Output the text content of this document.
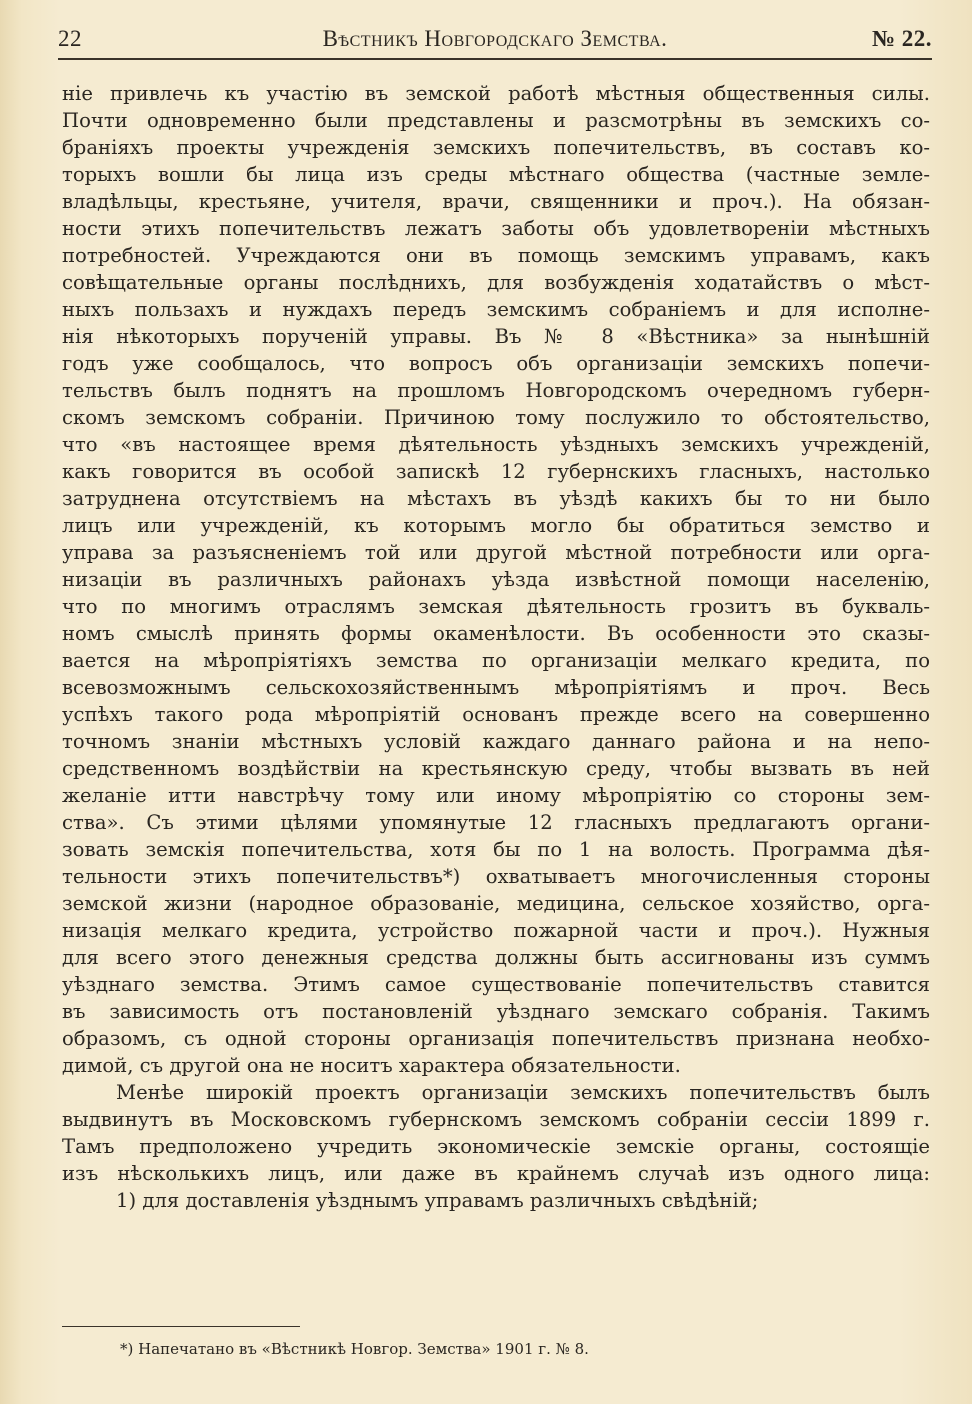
22	Вѣстникъ Новгородскаго Земства.	№ 22.
ніе привлечь къ участію въ земской работѣ мѣстныя общественныя силы.
Почти одновременно были представлены и разсмотрѣны въ земскихъ со-
браніяхъ проекты учрежденія земскихъ попечительствъ, въ составъ ко-
торыхъ вошли бы лица изъ среды мѣстнаго общества (частные земле-
владѣльцы, крестьяне, учителя, врачи, священники и проч.). На обязан-
ности этихъ попечительствъ лежатъ заботы объ удовлетвореніи мѣстныхъ
потребностей. Учреждаются они въ помощь земскимъ управамъ, какъ
совѣщательные органы послѣднихъ, для возбужденія ходатайствъ о мѣст-
ныхъ пользахъ и нуждахъ передъ земскимъ собраніемъ и для исполне-
нія нѣкоторыхъ порученій управы. Въ № 8 «Вѣстника» за нынѣшній
годъ уже сообщалось, что вопросъ объ организаціи земскихъ попечи-
тельствъ былъ поднятъ на прошломъ Новгородскомъ очередномъ губерн-
скомъ земскомъ собраніи. Причиною тому послужило то обстоятельство,
что «въ настоящее время дѣятельность уѣздныхъ земскихъ учрежденій,
какъ говорится въ особой запискѣ 12 губернскихъ гласныхъ, настолько
затруднена отсутствіемъ на мѣстахъ въ уѣздѣ какихъ бы то ни было
лицъ или учрежденій, къ которымъ могло бы обратиться земство и
управа за разъясненіемъ той или другой мѣстной потребности или орга-
низаціи въ различныхъ районахъ уѣзда извѣстной помощи населенію,
что по многимъ отраслямъ земская дѣятельность грозитъ въ букваль-
номъ смыслѣ принять формы окаменѣлости. Въ особенности это сказы-
вается на мѣропріятіяхъ земства по организаціи мелкаго кредита, по
всевозможнымъ сельскохозяйственнымъ мѣропріятіямъ и проч. Весь
успѣхъ такого рода мѣропріятій основанъ прежде всего на совершенно
точномъ знаніи мѣстныхъ условій каждаго даннаго района и на непо-
средственномъ воздѣйствіи на крестьянскую среду, чтобы вызвать въ ней
желаніе итти навстрѣчу тому или иному мѣропріятію со стороны зем-
ства». Съ этими цѣлями упомянутые 12 гласныхъ предлагаютъ органи-
зовать земскія попечительства, хотя бы по 1 на волость. Программа дѣя-
тельности этихъ попечительствъ*) охватываетъ многочисленныя стороны
земской жизни (народное образованіе, медицина, сельское хозяйство, орга-
низація мелкаго кредита, устройство пожарной части и проч.). Нужныя
для всего этого денежныя средства должны быть ассигнованы изъ суммъ
уѣзднаго земства. Этимъ самое существованіе попечительствъ ставится
въ зависимость отъ постановленій уѣзднаго земскаго собранія. Такимъ
образомъ, съ одной стороны организація попечительствъ признана необхо-
димой, съ другой она не носитъ характера обязательности.
Менѣе широкій проектъ организаціи земскихъ попечительствъ былъ
выдвинутъ въ Московскомъ губернскомъ земскомъ собраніи сессіи 1899 г.
Тамъ предположено учредить экономическіе земскіе органы, состоящіе
изъ нѣсколькихъ лицъ, или даже въ крайнемъ случаѣ изъ одного лица:
1) для доставленія уѣзднымъ управамъ различныхъ свѣдѣній;
*) Напечатано въ «Вѣстникѣ Новгор. Земства» 1901 г. № 8.
